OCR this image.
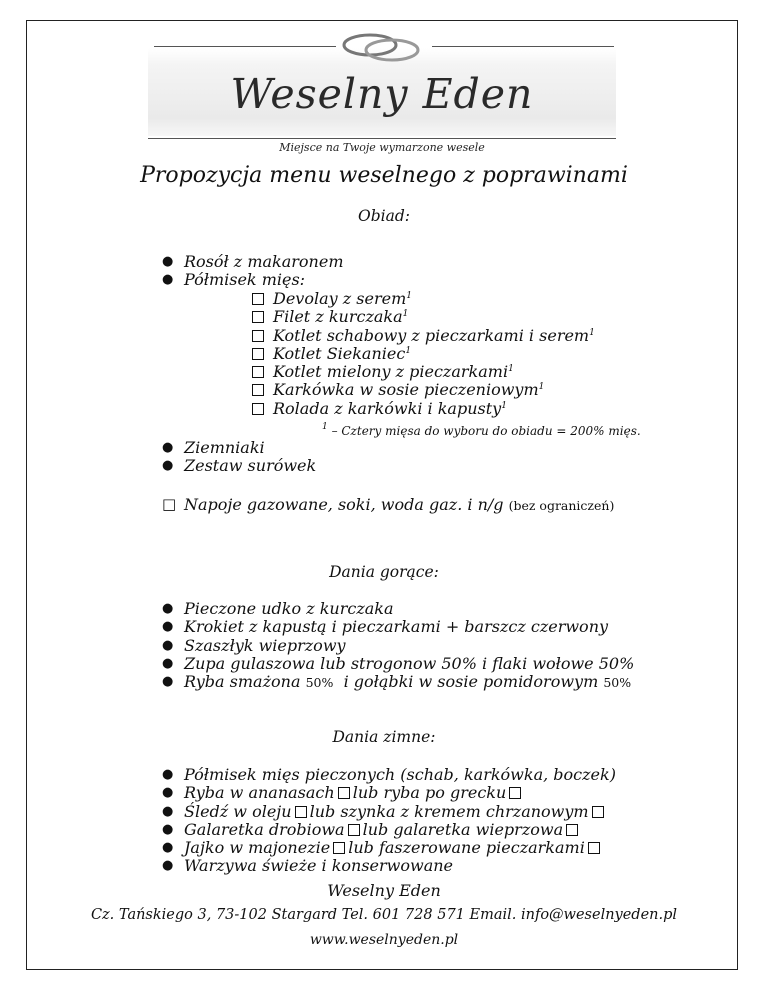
Weselny Eden
Miejsce na Twoje wymarzone wesele
Propozycja menu weselnego z poprawinami
Obiad:
● Rosół z makaronem
● Półmisek mięs:
Devolay z serem$^1$
Filet z kurczaka$^1$
Kotlet schabowy z pieczarkami i serem$^1$
Kotlet Siekaniec$^1$
Kotlet mielony z pieczarkami$^1$
Karkówka w sosie pieczeniowym$^1$
Rolada z karkówki i kapusty$^1$
$^1$ – Cztery mięsa do wyboru do obiadu = 200% mięs.
● Ziemniaki
● Zestaw surówek
□ Napoje gazowane, soki, woda gaz. i n/g (bez ograniczeń)
Dania gorące:
● Pieczone udko z kurczaka
● Krokiet z kapustą i pieczarkami + barszcz czerwony
● Szaszłyk wieprzowy
● Zupa gulaszowa lub strogonow 50% i flaki wołowe 50%
● Ryba smażona 50% i gołąbki w sosie pomidorowym 50%
Dania zimne:
● Półmisek mięs pieczonych (schab, karkówka, boczek)
● Ryba w ananasach lub ryba po grecku
● Śledź w oleju lub szynka z kremem chrzanowym
● Galaretka drobiowa lub galaretka wieprzowa
● Jajko w majonezie lub faszerowane pieczarkami
● Warzywa świeże i konserwowane
Weselny Eden
Cz. Tańskiego 3, 73-102 Stargard Tel. 601 728 571 Email. info@weselnyeden.pl
www.weselnyeden.pl
